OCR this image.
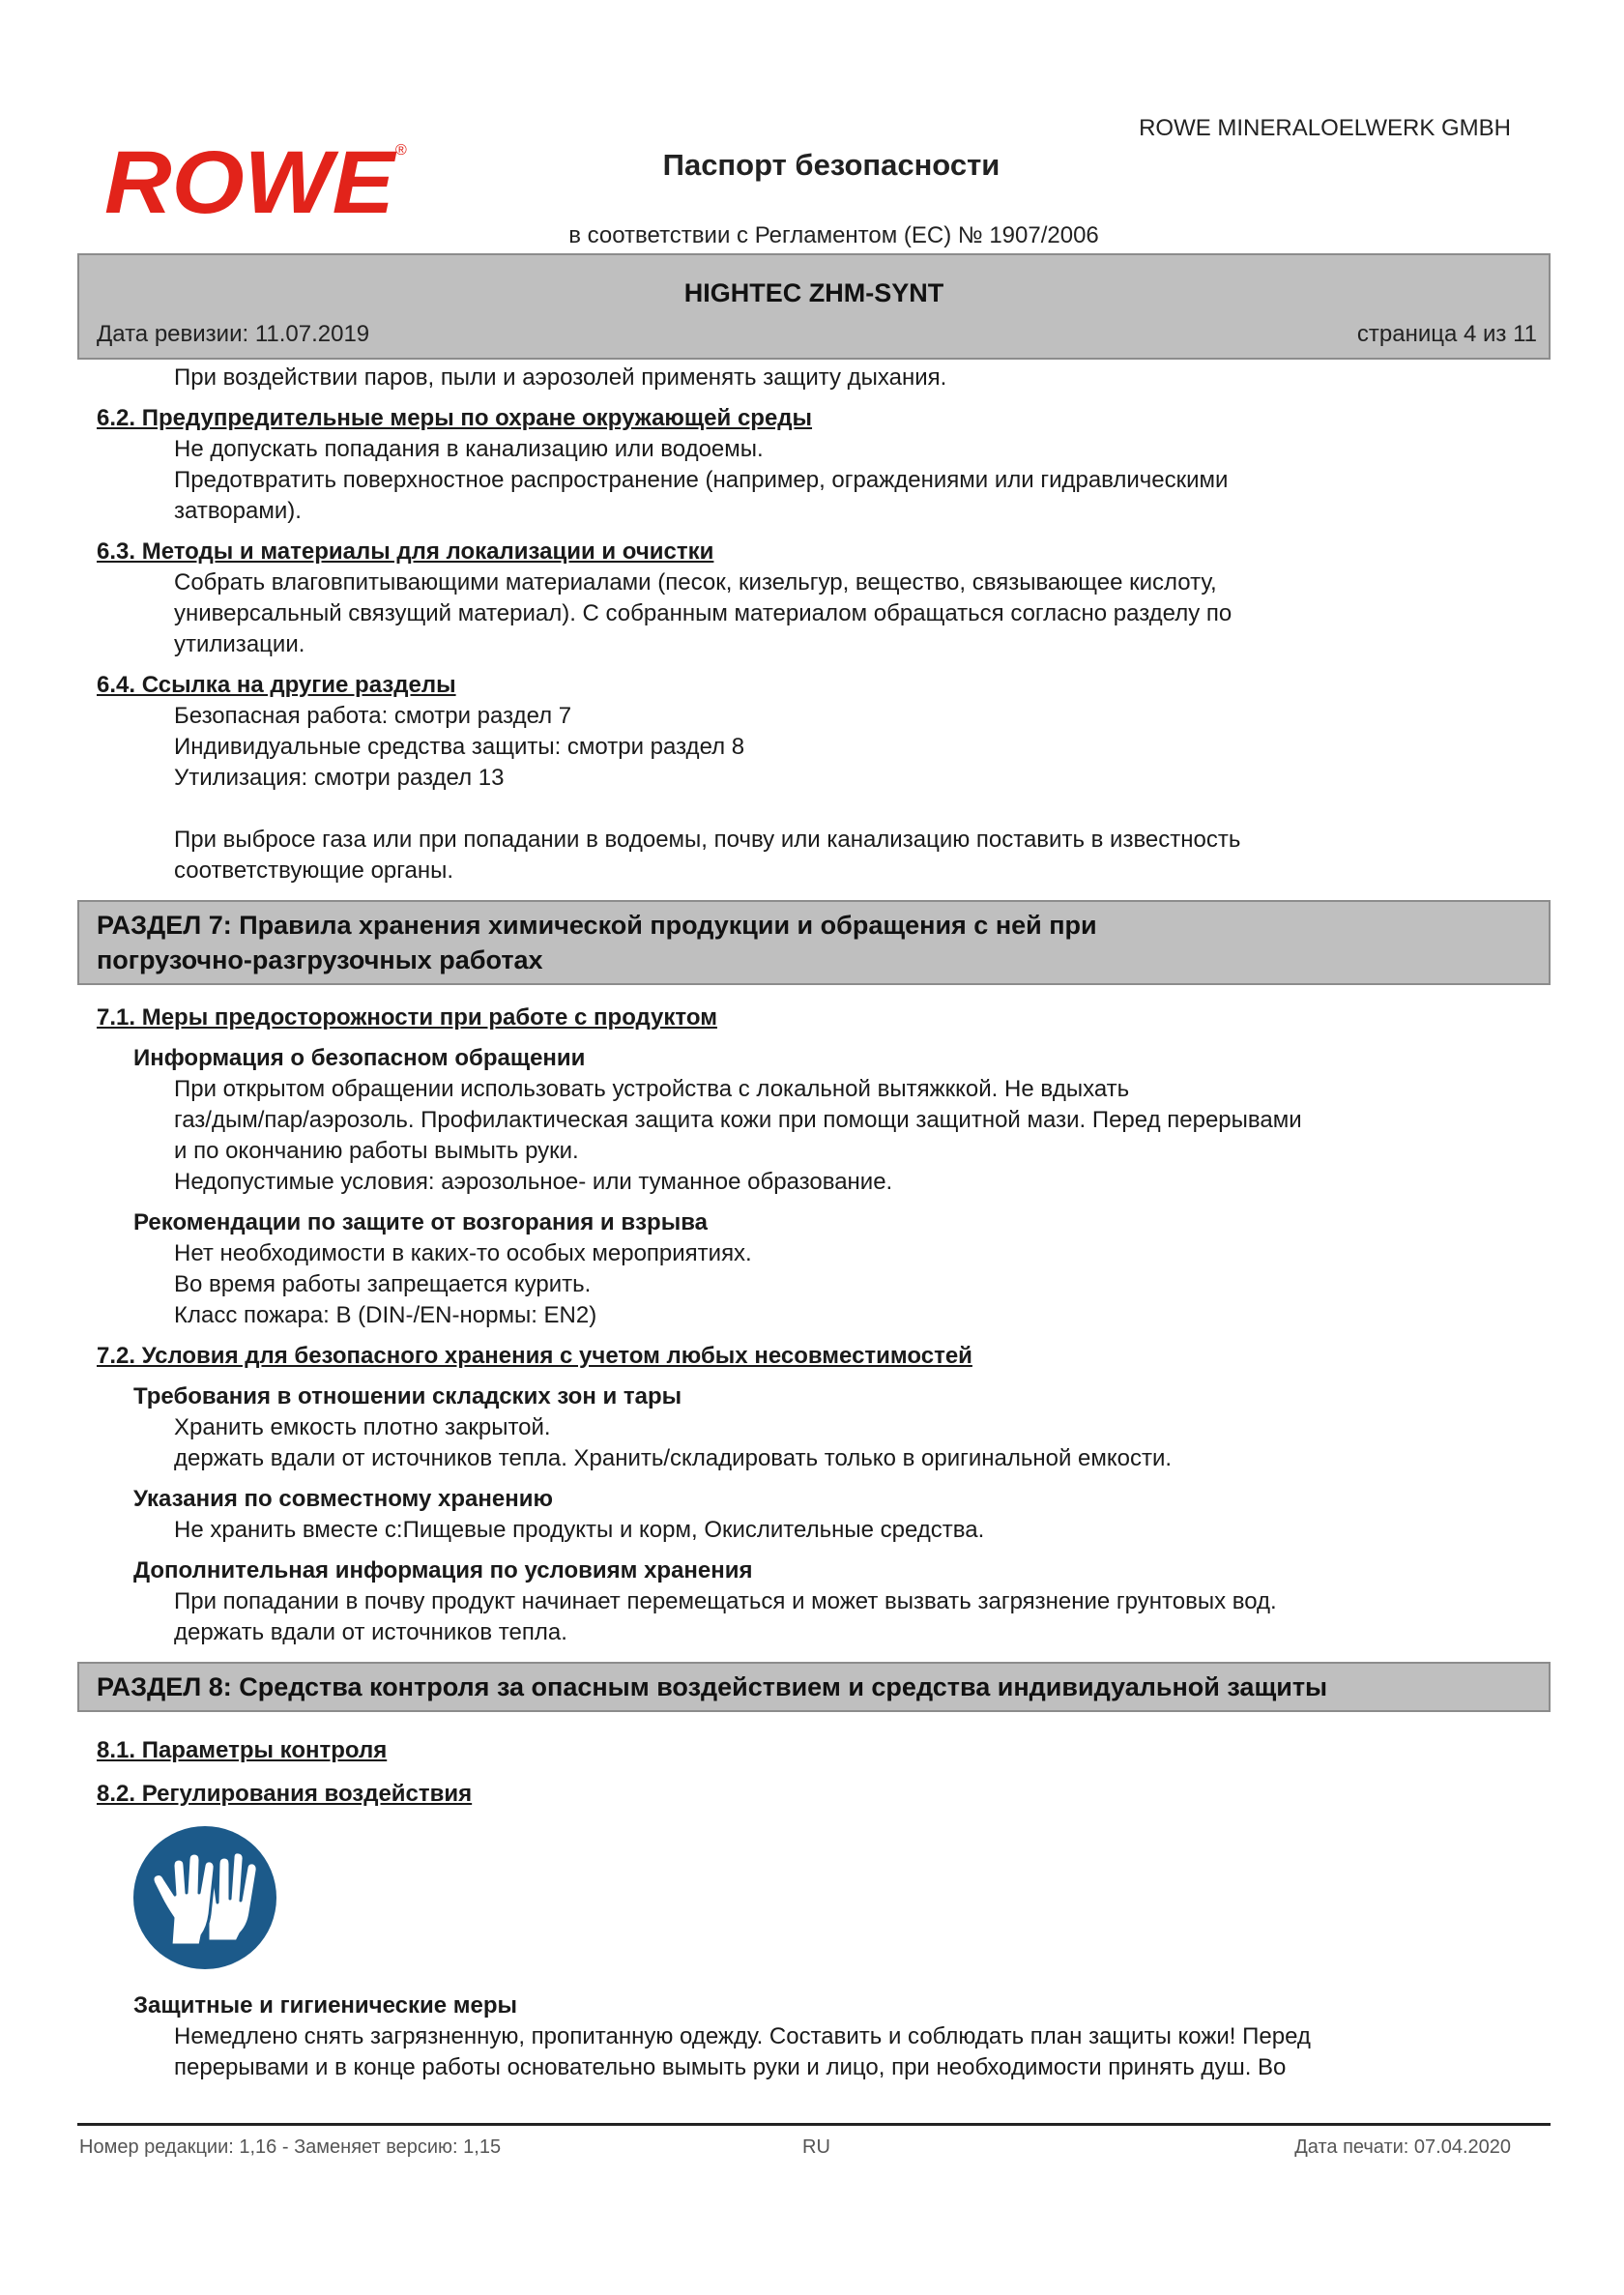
ROWE
®
ROWE MINERALOELWERK GMBH
Паспорт безопасности
в соответствии с Регламентом (ЕС) № 1907/2006
HIGHTEC ZHM-SYNT
Дата ревизии: 11.07.2019	страница 4 из 11
При воздействии паров, пыли и аэрозолей применять защиту дыхания.
6.2. Предупредительные меры по охране окружающей среды
Не допускать попадания в канализацию или водоемы.
Предотвратить поверхностное распространение (например, ограждениями или гидравлическими
затворами).
6.3. Методы и материалы для локализации и очистки
Собрать влаговпитывающими материалами (песок, кизельгур, вещество, связывающее кислоту,
универсальный связущий материал). С собранным материалом обращаться согласно разделу по
утилизации.
6.4. Ссылка на другие разделы
Безопасная работа: смотри раздел 7
Индивидуальные средства защиты: смотри раздел 8
Утилизация: смотри раздел 13
При выбросе газа или при попадании в водоемы, почву или канализацию поставить в известность
соответствующие органы.
РАЗДЕЛ 7: Правила хранения химической продукции и обращения с ней при
погрузочно-разгрузочных работах
7.1. Меры предосторожности при работе с продуктом
Информация о безопасном обращении
При открытом обращении использовать устройства с локальной вытяжккой. Не вдыхать
газ/дым/пар/аэрозоль. Профилактическая защита кожи при помощи защитной мази. Перед перерывами
и по окончанию работы вымыть руки.
Недопустимые условия: аэрозольное- или туманное образование.
Рекомендации по защите от возгорания и взрыва
Нет необходимости в каких-то особых мероприятиях.
Во время работы запрещается курить.
Класс пожара: B (DIN-/EN-нормы: EN2)
7.2. Условия для безопасного хранения с учетом любых несовместимостей
Требования в отношении складских зон и тары
Хранить емкость плотно закрытой.
держать вдали от источников тепла. Хранить/складировать только в оригинальной емкости.
Указания по совместному хранению
Не хранить вместе с:Пищевые продукты и корм, Окислительные средства.
Дополнительная информация по условиям хранения
При попадании в почву продукт начинает перемещаться и может вызвать загрязнение грунтовых вод.
держать вдали от источников тепла.
РАЗДЕЛ 8: Средства контроля за опасным воздействием и средства индивидуальной защиты
8.1. Параметры контроля
8.2. Регулирования воздействия
Защитные и гигиенические меры
Немедлено снять загрязненную, пропитанную одежду. Составить и соблюдать план защиты кожи! Перед
перерывами и в конце работы основательно вымыть руки и лицо, при необходимости принять душ. Во
Номер редакции: 1,16 - Заменяет версию: 1,15	RU	Дата печати: 07.04.2020
